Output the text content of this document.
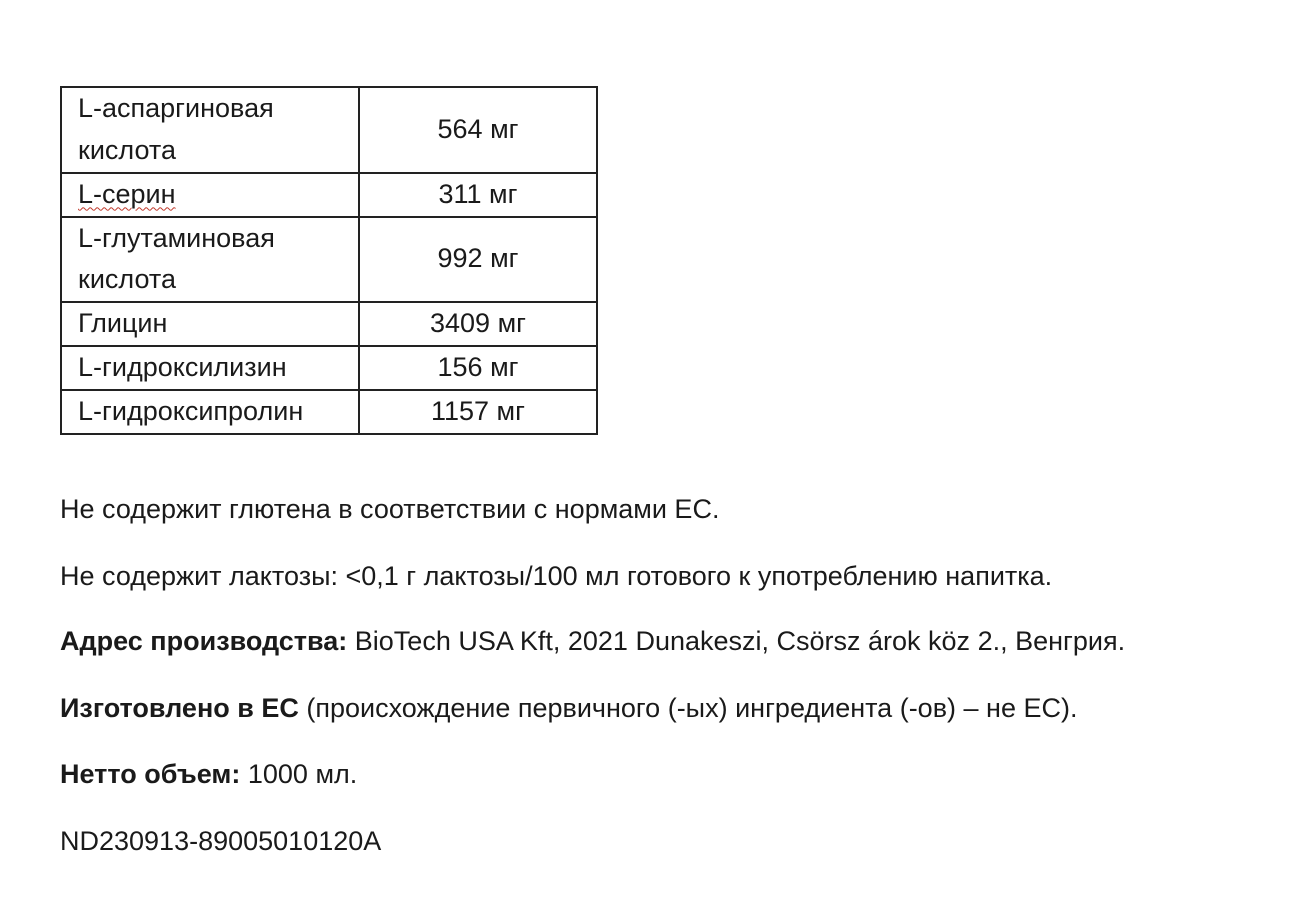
L-аспаргиновая
кислота	564 мг
L-серин	311 мг
L-глутаминовая
кислота	992 мг
Глицин	3409 мг
L-гидроксилизин	156 мг
L-гидроксипролин	1157 мг

Не содержит глютена в соответствии с нормами ЕС.

Не содержит лактозы: <0,1 г лактозы/100 мл готового к употреблению напитка.

Адрес производства: BioTech USA Kft, 2021 Dunakeszi, Csörsz árok köz 2., Венгрия.

Изготовлено в ЕС (происхождение первичного (-ых) ингредиента (-ов) – не ЕС).

Нетто объем: 1000 мл.

ND230913-89005010120A
